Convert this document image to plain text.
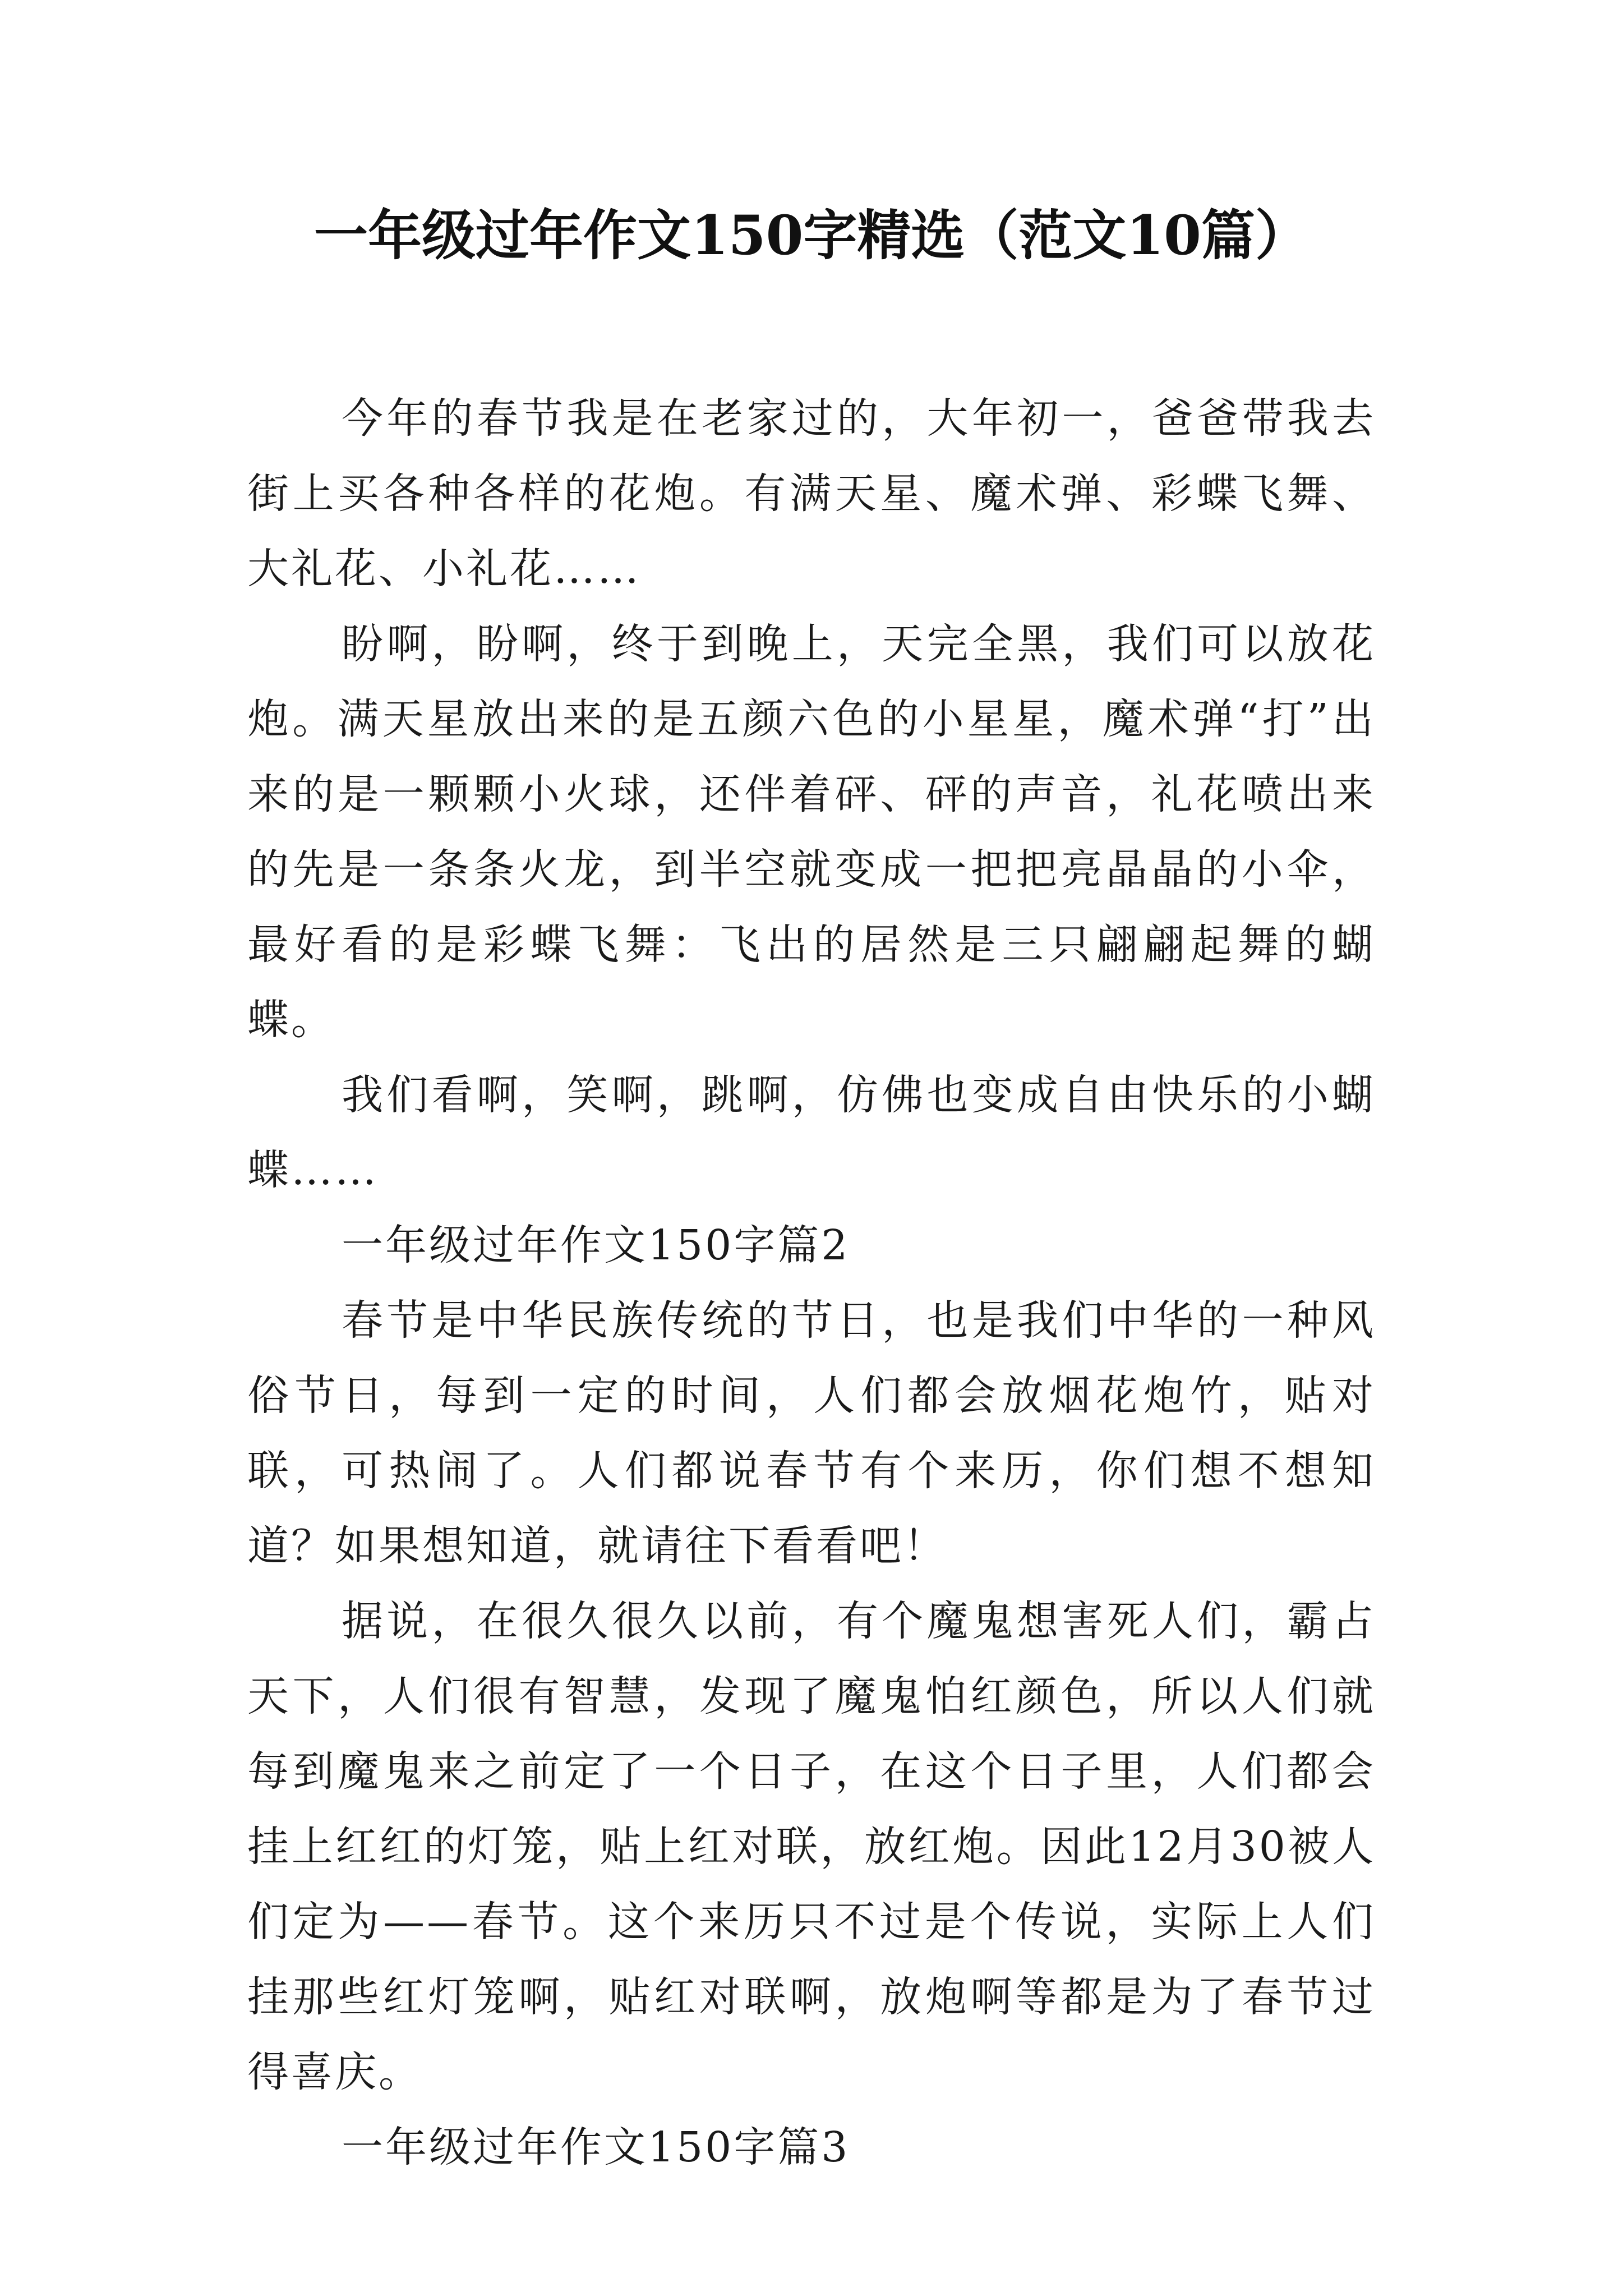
一年级过年作文150字精选（范文10篇）

今年的春节我是在老家过的，大年初一，爸爸带我去街上买各种各样的花炮。有满天星、魔术弹、彩蝶飞舞、大礼花、小礼花……

盼啊，盼啊，终于到晚上，天完全黑，我们可以放花炮。满天星放出来的是五颜六色的小星星，魔术弹“打”出来的是一颗颗小火球，还伴着砰、砰的声音，礼花喷出来的先是一条条火龙，到半空就变成一把把亮晶晶的小伞，最好看的是彩蝶飞舞：飞出的居然是三只翩翩起舞的蝴蝶。

我们看啊，笑啊，跳啊，仿佛也变成自由快乐的小蝴蝶……

一年级过年作文150字篇2

春节是中华民族传统的节日，也是我们中华的一种风俗节日，每到一定的时间，人们都会放烟花炮竹，贴对联，可热闹了。人们都说春节有个来历，你们想不想知道？如果想知道，就请往下看看吧！

据说，在很久很久以前，有个魔鬼想害死人们，霸占天下，人们很有智慧，发现了魔鬼怕红颜色，所以人们就每到魔鬼来之前定了一个日子，在这个日子里，人们都会挂上红红的灯笼，贴上红对联，放红炮。因此12月30被人们定为——春节。这个来历只不过是个传说，实际上人们挂那些红灯笼啊，贴红对联啊，放炮啊等都是为了春节过得喜庆。

一年级过年作文150字篇3
